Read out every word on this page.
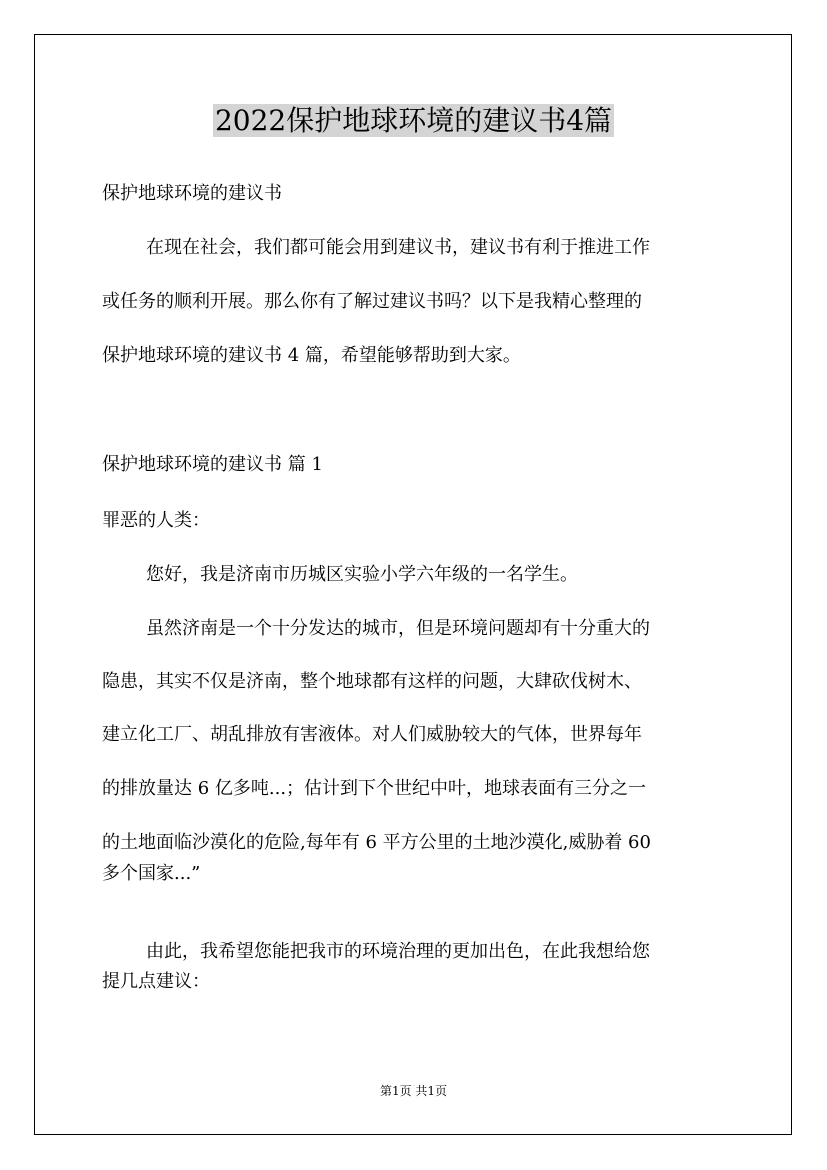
2022保护地球环境的建议书4篇
保护地球环境的建议书
在现在社会，我们都可能会用到建议书，建议书有利于推进工作
或任务的顺利开展。那么你有了解过建议书吗？以下是我精心整理的
保护地球环境的建议书 4 篇，希望能够帮助到大家。
保护地球环境的建议书 篇 1
罪恶的人类：
您好，我是济南市历城区实验小学六年级的一名学生。
虽然济南是一个十分发达的城市，但是环境问题却有十分重大的
隐患，其实不仅是济南，整个地球都有这样的问题，大肆砍伐树木、
建立化工厂、胡乱排放有害液体。对人们威胁较大的气体，世界每年
的排放量达 6 亿多吨...；估计到下个世纪中叶，地球表面有三分之一
的土地面临沙漠化的危险,每年有 6 平方公里的土地沙漠化,威胁着 60
多个国家...”
由此，我希望您能把我市的环境治理的更加出色，在此我想给您
提几点建议：
第1页 共1页
